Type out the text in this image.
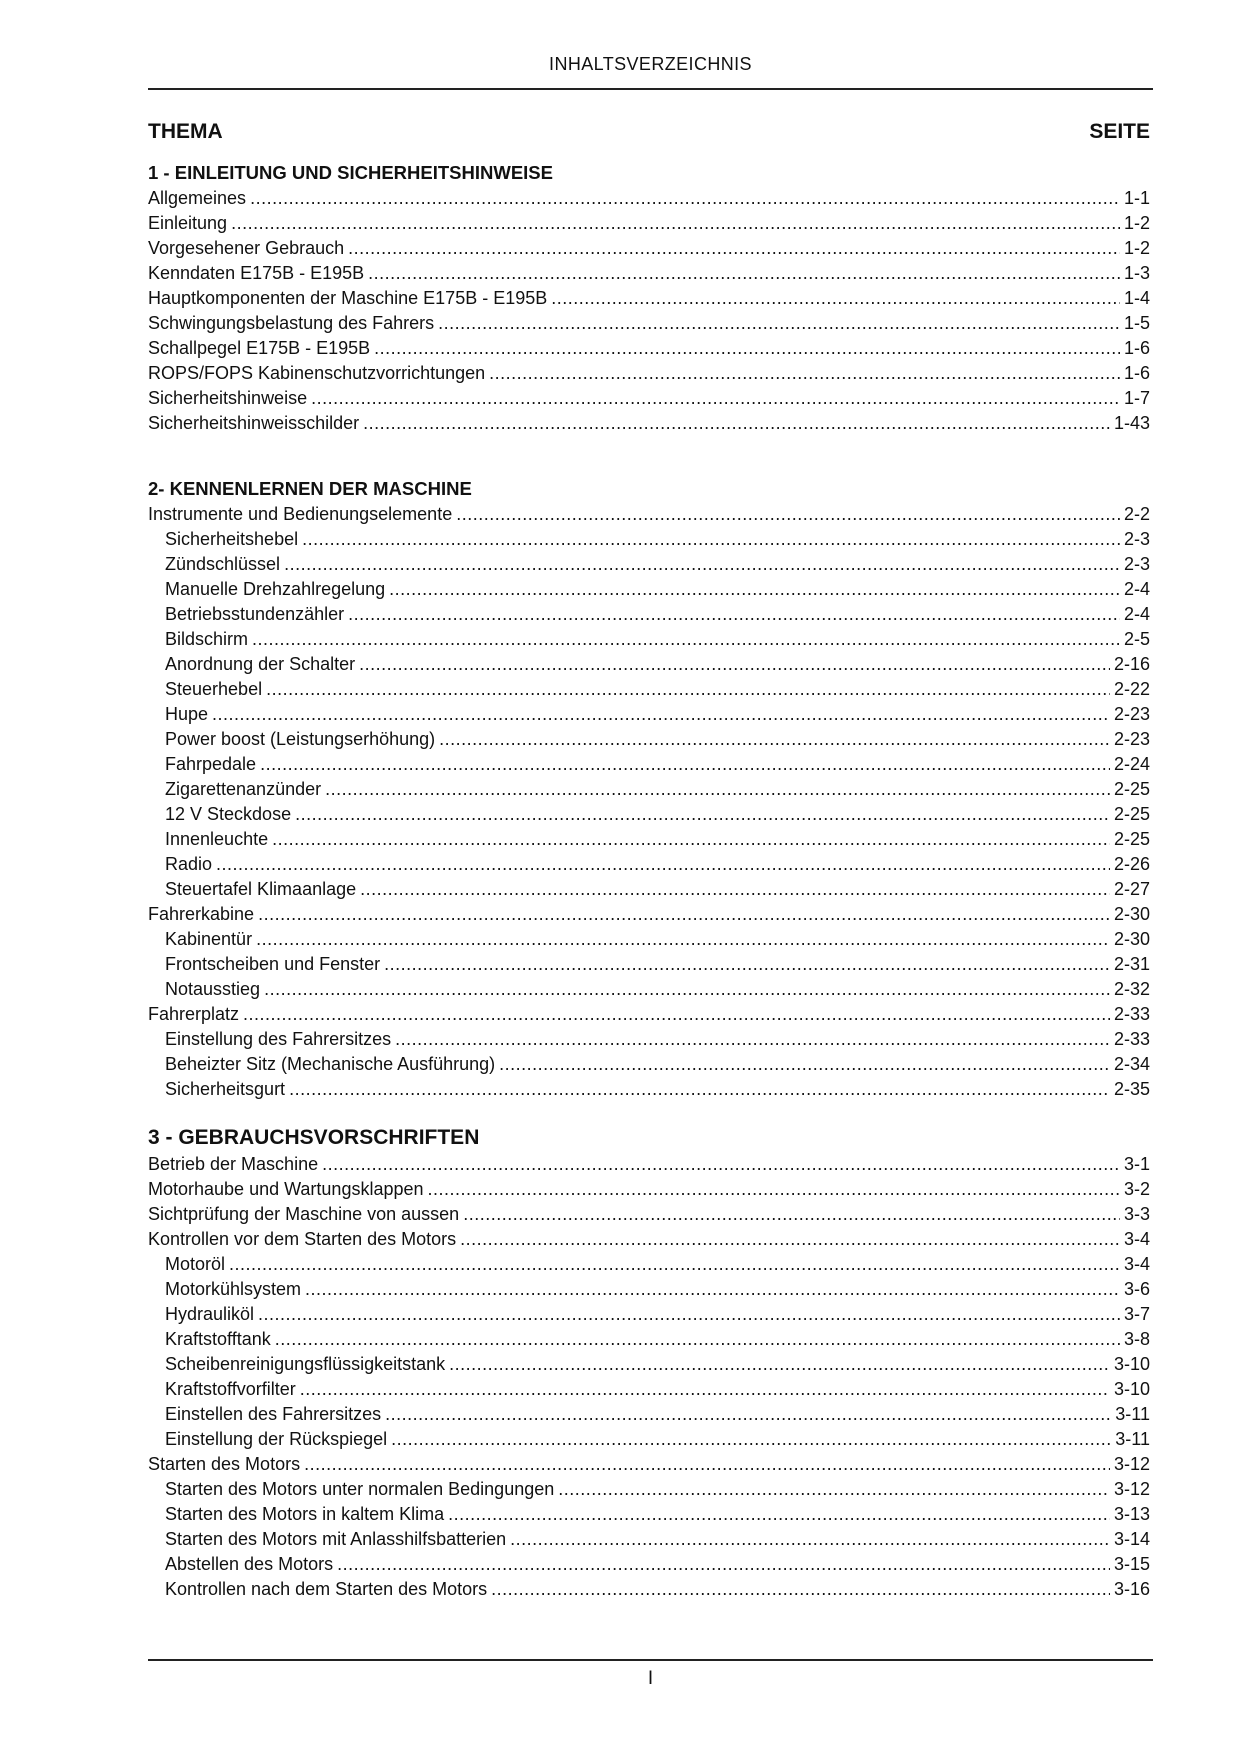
INHALTSVERZEICHNIS
THEMA	SEITE
1 - EINLEITUNG UND SICHERHEITSHINWEISE
Allgemeines .....	1-1
Einleitung .....	1-2
Vorgesehener Gebrauch .....	1-2
Kenndaten E175B - E195B .....	1-3
Hauptkomponenten der Maschine E175B - E195B .....	1-4
Schwingungsbelastung des Fahrers .....	1-5
Schallpegel E175B - E195B .....	1-6
ROPS/FOPS Kabinenschutzvorrichtungen .....	1-6
Sicherheitshinweise .....	1-7
Sicherheitshinweisschilder .....	1-43
2- KENNENLERNEN DER MASCHINE
Instrumente und Bedienungselemente .....	2-2
Sicherheitshebel .....	2-3
Zündschlüssel .....	2-3
Manuelle Drehzahlregelung .....	2-4
Betriebsstundenzähler .....	2-4
Bildschirm .....	2-5
Anordnung der Schalter .....	2-16
Steuerhebel .....	2-22
Hupe .....	2-23
Power boost (Leistungserhöhung) .....	2-23
Fahrpedale .....	2-24
Zigarettenanzünder .....	2-25
12 V Steckdose .....	2-25
Innenleuchte .....	2-25
Radio .....	2-26
Steuertafel Klimaanlage .....	2-27
Fahrerkabine .....	2-30
Kabinentür .....	2-30
Frontscheiben und Fenster .....	2-31
Notausstieg .....	2-32
Fahrerplatz .....	2-33
Einstellung des Fahrersitzes .....	2-33
Beheizter Sitz (Mechanische Ausführung) .....	2-34
Sicherheitsgurt .....	2-35
3 - GEBRAUCHSVORSCHRIFTEN
Betrieb der Maschine .....	3-1
Motorhaube und Wartungsklappen .....	3-2
Sichtprüfung der Maschine von aussen .....	3-3
Kontrollen vor dem Starten des Motors .....	3-4
Motoröl .....	3-4
Motorkühlsystem .....	3-6
Hydrauliköl .....	3-7
Kraftstofftank .....	3-8
Scheibenreinigungsflüssigkeitstank .....	3-10
Kraftstoffvorfilter .....	3-10
Einstellen des Fahrersitzes .....	3-11
Einstellung der Rückspiegel .....	3-11
Starten des Motors .....	3-12
Starten des Motors unter normalen Bedingungen .....	3-12
Starten des Motors in kaltem Klima .....	3-13
Starten des Motors mit Anlasshilfsbatterien .....	3-14
Abstellen des Motors .....	3-15
Kontrollen nach dem Starten des Motors .....	3-16
I
